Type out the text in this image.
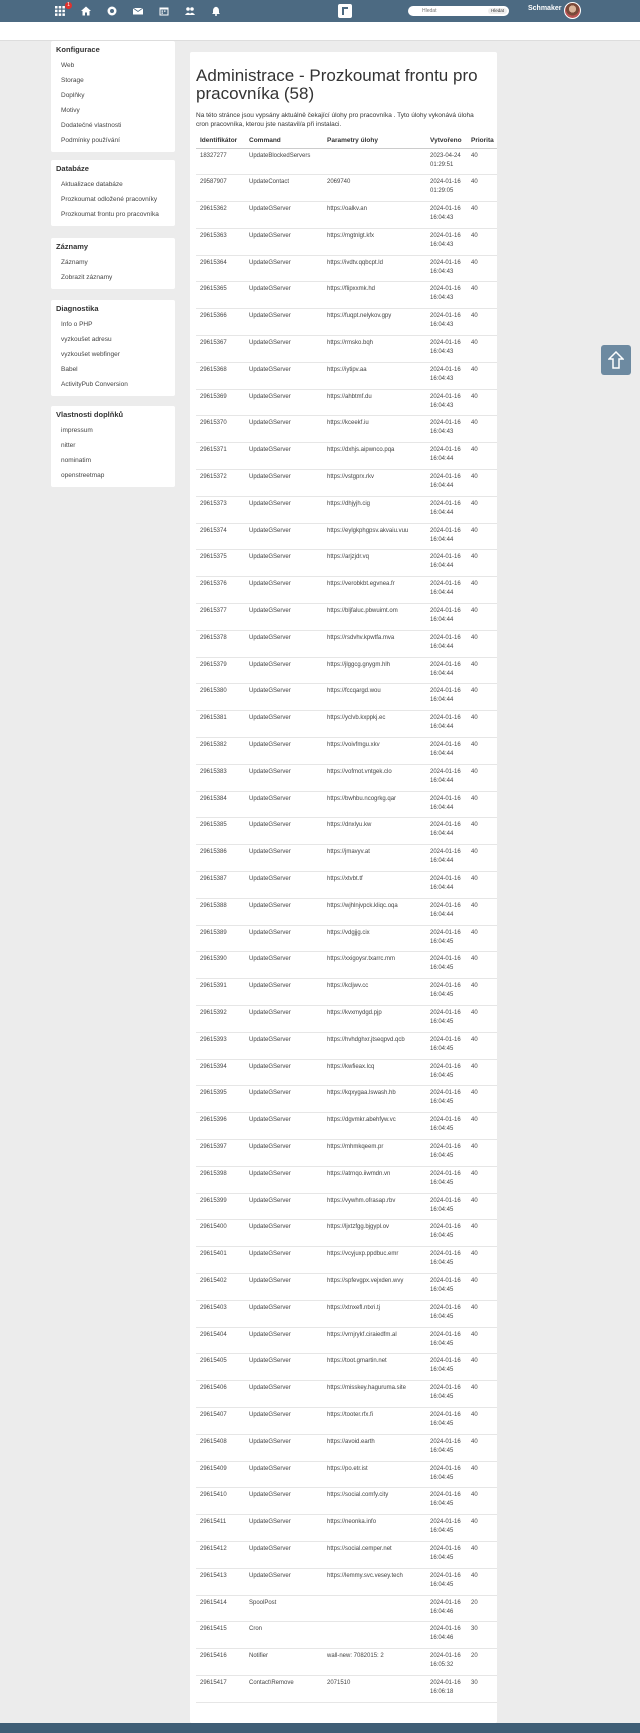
1
Hledat
Hledat	Schmaker
Konfigurace
Web
Storage
Doplňky
Motivy
Dodatečné vlastnosti
Podmínky používání
Databáze
Aktualizace databáze
Prozkoumat odložené pracovníky
Prozkoumat frontu pro pracovníka
Záznamy
Záznamy
Zobrazit záznamy
Diagnostika
Info o PHP
vyzkoušet adresu
vyzkoušet webfinger
Babel
ActivityPub Conversion
Vlastnosti doplňků
impressum
nitter
nominatim
openstreetmap
Administrace - Prozkoumat frontu pro pracovníka (58)

Na této stránce jsou vypsány aktuálně čekající úlohy pro pracovníka . Tyto úlohy vykonává úloha cron pracovníka, kterou jste nastavil/a při instalaci.

Identifikátor	Command	Parametry úlohy	Vytvořeno	Priorita
18327277	UpdateBlockedServers		2023-04-24 01:29:51	40
29587907	UpdateContact	2069740	2024-01-16 01:29:05	40
29615362	UpdateGServer	https://oalkv.an	2024-01-16 16:04:43	40
29615363	UpdateGServer	https://mgtnlgt.kfx	2024-01-16 16:04:43	40
29615364	UpdateGServer	https://ivdtv.qqbcpt.ld	2024-01-16 16:04:43	40
29615365	UpdateGServer	https://flipxxmk.hd	2024-01-16 16:04:43	40
29615366	UpdateGServer	https://fuqpt.nelykov.gpy	2024-01-16 16:04:43	40
29615367	UpdateGServer	https://rmsko.bqh	2024-01-16 16:04:43	40
29615368	UpdateGServer	https://iytipv.aa	2024-01-16 16:04:43	40
29615369	UpdateGServer	https://ahbtmf.du	2024-01-16 16:04:43	40
29615370	UpdateGServer	https://kceekf.iu	2024-01-16 16:04:43	40
29615371	UpdateGServer	https://dxhjs.aipwnco.pqa	2024-01-16 16:04:44	40
29615372	UpdateGServer	https://vstgprx.rkv	2024-01-16 16:04:44	40
29615373	UpdateGServer	https://dhjyjh.cig	2024-01-16 16:04:44	40
29615374	UpdateGServer	https://eylgkphgpsv.akvaiu.vuu	2024-01-16 16:04:44	40
29615375	UpdateGServer	https://arjzjdr.vq	2024-01-16 16:04:44	40
29615376	UpdateGServer	https://verobkbt.egvnea.fr	2024-01-16 16:04:44	40
29615377	UpdateGServer	https://bljfaluc.pbwuimt.om	2024-01-16 16:04:44	40
29615378	UpdateGServer	https://rsdvhv.kpwtfa.mva	2024-01-16 16:04:44	40
29615379	UpdateGServer	https://jlggcg.gnygm.hlh	2024-01-16 16:04:44	40
29615380	UpdateGServer	https://fccqargd.wou	2024-01-16 16:04:44	40
29615381	UpdateGServer	https://yclvb.kxppkj.ec	2024-01-16 16:04:44	40
29615382	UpdateGServer	https://voivfmgu.xkv	2024-01-16 16:04:44	40
29615383	UpdateGServer	https://vofmot.vntgek.clo	2024-01-16 16:04:44	40
29615384	UpdateGServer	https://bwhbu.ncogrkg.qar	2024-01-16 16:04:44	40
29615385	UpdateGServer	https://dnxlyu.kw	2024-01-16 16:04:44	40
29615386	UpdateGServer	https://jmavyv.at	2024-01-16 16:04:44	40
29615387	UpdateGServer	https://xtvbt.tf	2024-01-16 16:04:44	40
29615388	UpdateGServer	https://wjhlnjvpck.kliqc.oqa	2024-01-16 16:04:44	40
29615389	UpdateGServer	https://vdgjjg.cix	2024-01-16 16:04:45	40
29615390	UpdateGServer	https://xxigoysr.txarrc.mm	2024-01-16 16:04:45	40
29615391	UpdateGServer	https://kcljwv.cc	2024-01-16 16:04:45	40
29615392	UpdateGServer	https://kvxmydgd.pjp	2024-01-16 16:04:45	40
29615393	UpdateGServer	https://hvhdghxr.jtseqpvd.qcb	2024-01-16 16:04:45	40
29615394	UpdateGServer	https://kwfieax.lcq	2024-01-16 16:04:45	40
29615395	UpdateGServer	https://kqxygaa.lswash.hb	2024-01-16 16:04:45	40
29615396	UpdateGServer	https://dgvmkr.abehfyw.vc	2024-01-16 16:04:45	40
29615397	UpdateGServer	https://mhmkqeem.pr	2024-01-16 16:04:45	40
29615398	UpdateGServer	https://atrnqo.iiwmdn.vn	2024-01-16 16:04:45	40
29615399	UpdateGServer	https://vywhm.ofrasap.rbv	2024-01-16 16:04:45	40
29615400	UpdateGServer	https://ljxtzfgg.bjgypl.ov	2024-01-16 16:04:45	40
29615401	UpdateGServer	https://vcyjuxp.ppdbuc.emr	2024-01-16 16:04:45	40
29615402	UpdateGServer	https://spfevgpx.vejxden.wvy	2024-01-16 16:04:45	40
29615403	UpdateGServer	https://xtnxefl.ntxri.tj	2024-01-16 16:04:45	40
29615404	UpdateGServer	https://vrnjrykf.ciraiedfm.al	2024-01-16 16:04:45	40
29615405	UpdateGServer	https://toot.gmartin.net	2024-01-16 16:04:45	40
29615406	UpdateGServer	https://misskey.haguruma.site	2024-01-16 16:04:45	40
29615407	UpdateGServer	https://tooter.rfx.fi	2024-01-16 16:04:45	40
29615408	UpdateGServer	https://avoid.earth	2024-01-16 16:04:45	40
29615409	UpdateGServer	https://po.etr.ist	2024-01-16 16:04:45	40
29615410	UpdateGServer	https://social.comfy.city	2024-01-16 16:04:45	40
29615411	UpdateGServer	https://neonka.info	2024-01-16 16:04:45	40
29615412	UpdateGServer	https://social.cemper.net	2024-01-16 16:04:45	40
29615413	UpdateGServer	https://lemmy.svc.vesey.tech	2024-01-16 16:04:45	40
29615414	SpoolPost		2024-01-16 16:04:46	20
29615415	Cron		2024-01-16 16:04:46	30
29615416	Notifier	wall-new: 7082015: 2	2024-01-16 16:05:32	20
29615417	Contact\Remove	2071510	2024-01-16 16:06:18	30
